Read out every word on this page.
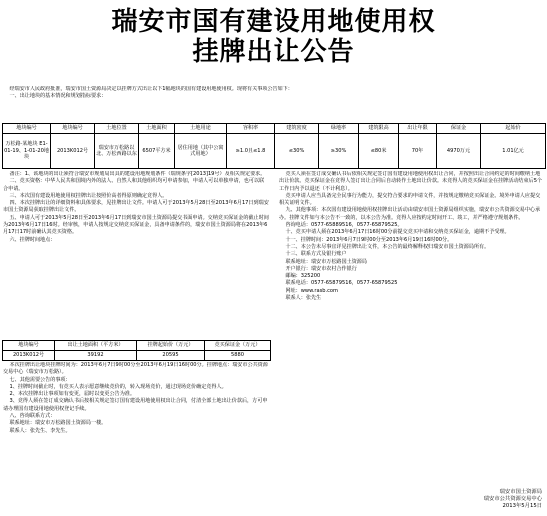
瑞安市国有建设用地使用权
挂牌出让公告
经瑞安市人民政府批准，瑞安市国土资源局决定以挂牌方式出让以下1幅地块的国有建设用地使用权。现将有关事项公告如下：
一、出让地块的基本情况和规划指标要求：
地块编号	地块编号	土地位置	土地面积	土地用途	容积率	建筑密度	绿地率	建筑限高	出让年限	保证金	起始价
万松路·某地块 E1-01-19、1-01-20地块	2013K012号	瑞安市万松路以北、万松西路以东	6507平方米	居住用地（其中公寓式用地）	≥1.0且≤1.8	≤30%	≥30%	≤80米	70年	4970万元	1.01亿元
备注：1、该地块的出让须符合瑞安市规划局出具的建设用地规划条件（瑞规条字[2013]19号）及相关规定要求。
二、竞买资格：中华人民共和国境内外的法人、自然人和其他组织均可申请参加，申请人可以单独申请，也可以联合申请。
三、本次国有建设用地使用权挂牌出让按照价高者得原则确定竞得人。
四、本次挂牌出让的详细资料和具体要求，见挂牌出让文件。申请人可于2013年5月28日至2013年6月17日到瑞安市国土资源局获取挂牌出让文件。
五、申请人可于2013年5月28日至2013年6月17日到瑞安市国土资源局提交书面申请。交纳竞买保证金的截止时间为2013年6月17日16时。经审核，申请人按规定交纳竞买保证金，具备申请条件的，瑞安市国土资源局将在2013年6月17日17时前确认其竞买资格。
六、挂牌时间地点：
地块编号	出让土地面积（平方米）	挂牌起始价（万元）	竞买保证金（万元）
2013K012号	39192	20595	5880
本次挂牌出让地块挂牌时间为：2013年6月7日9时00分至2013年6月19日16时00分。挂牌地点：瑞安市公共资源交易中心（瑞安市万松路）。
七、其他需要公告的事项：
1、挂牌时间截止时，有竞买人表示愿意继续竞价的，转入现场竞价，通过现场竞价确定竞得人。
2、本次挂牌出让事项如有变更，届时以变更公告为准。
3、竞得人须在签订成交确认书后按相关规定签订国有建设用地使用权出让合同，付清全部土地出让价款后，方可申请办理国有建设用地使用权登记手续。
八、咨询联系方式：
联系地址：瑞安市万松路国土资源局一楼。
联系人：张先生、李先生。
竞买人须在签订成交确认书后依相关规定签订国有建设用地使用权出让合同，并按照出让合同约定的时间缴纳土地出让价款。竞买保证金在竞得人签订出让合同后自动转作土地出让价款。未竞得人的竞买保证金在挂牌活动结束后5个工作日内予以退还（不计利息）。
竞买申请人应当具备完全民事行为能力，提交符合要求的申请文件，并按规定缴纳竞买保证金。境外申请人应提交相关证明文件。
九、其他事项：本次国有建设用地使用权挂牌出让活动由瑞安市国土资源局组织实施，瑞安市公共资源交易中心承办。挂牌文件如与本公告不一致的，以本公告为准。竞得人应按约定时间开工、竣工，并严格遵守规划条件。
咨询电话：0577-65889516，0577-65879525。
十、竞买申请人须在2013年6月17日16时00分前提交竞买申请和交纳竞买保证金，逾期不予受理。
十一、挂牌时间：2013年6月7日9时00分至2013年6月19日16时00分。
十二、本公告未尽事宜详见挂牌出让文件，本公告的最终解释权归瑞安市国土资源局所有。
十三、联系方式及银行账户
联系地址：瑞安市万松路国土资源局
开户银行：瑞安市农村合作银行
邮编：325200
联系电话：0577-65879516，0577-65879525
网址：www.rasb.com
联系人：张先生
瑞安市国土资源局
瑞安市公共资源交易中心
2013年5月15日
